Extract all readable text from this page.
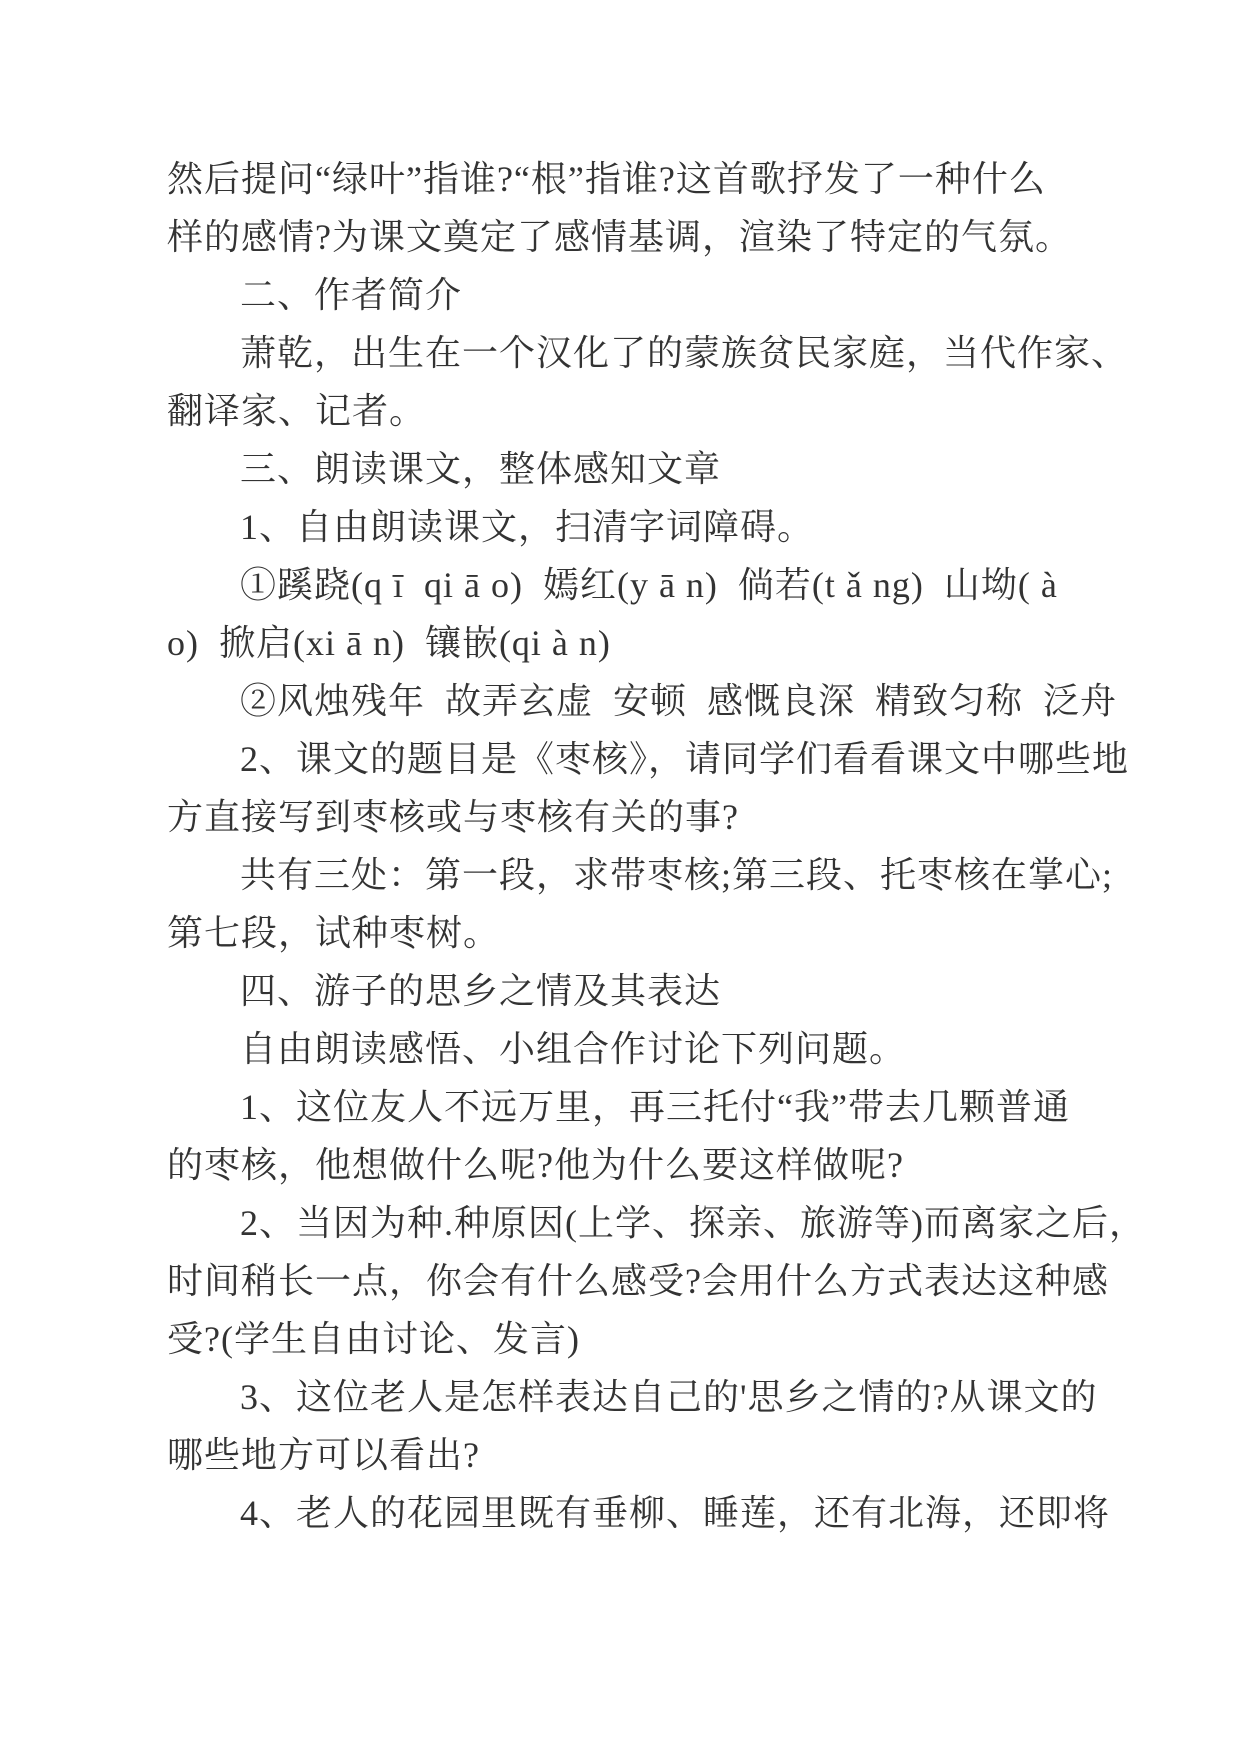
然后提问“绿叶”指谁?“根”指谁?这首歌抒发了一种什么
样的感情?为课文奠定了感情基调，渲染了特定的气氛。
二、作者简介
萧乾，出生在一个汉化了的蒙族贫民家庭，当代作家、
翻译家、记者。
三、朗读课文，整体感知文章
1、自由朗读课文，扫清字词障碍。
①蹊跷(q ī  qi ā o)  嫣红(y ā n)  倘若(t ǎ ng)  山坳( à
o)  掀启(xi ā n)  镶嵌(qi à n)
②风烛残年  故弄玄虚  安顿  感慨良深  精致匀称  泛舟
2、课文的题目是《枣核》，请同学们看看课文中哪些地
方直接写到枣核或与枣核有关的事?
共有三处：第一段，求带枣核;第三段、托枣核在掌心;
第七段，试种枣树。
四、游子的思乡之情及其表达
自由朗读感悟、小组合作讨论下列问题。
1、这位友人不远万里，再三托付“我”带去几颗普通
的枣核，他想做什么呢?他为什么要这样做呢?
2、当因为种.种原因(上学、探亲、旅游等)而离家之后，
时间稍长一点，你会有什么感受?会用什么方式表达这种感
受?(学生自由讨论、发言)
3、这位老人是怎样表达自己的'思乡之情的?从课文的
哪些地方可以看出?
4、老人的花园里既有垂柳、睡莲，还有北海，还即将
